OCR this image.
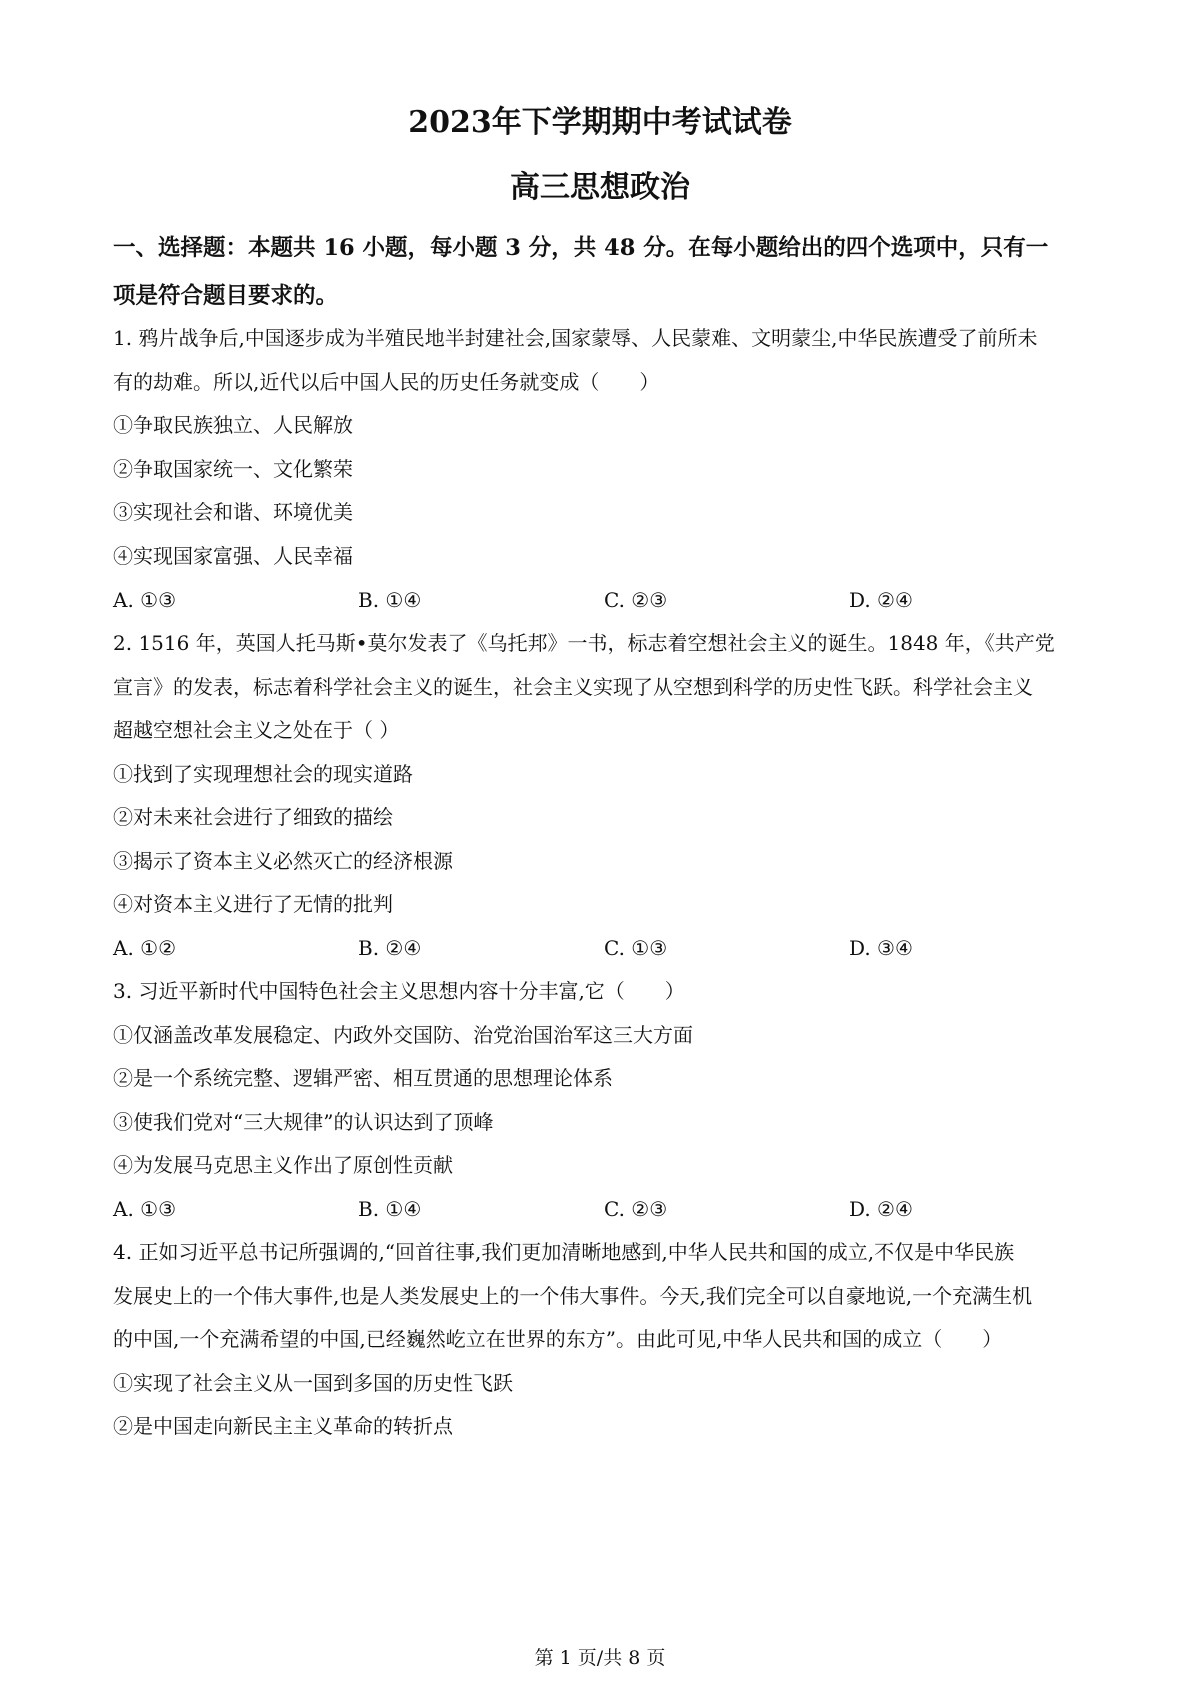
2023年下学期期中考试试卷
高三思想政治
一、选择题：本题共 16 小题，每小题 3 分，共 48 分。在每小题给出的四个选项中，只有一
项是符合题目要求的。
1. 鸦片战争后,中国逐步成为半殖民地半封建社会,国家蒙辱、人民蒙难、文明蒙尘,中华民族遭受了前所未
有的劫难。所以,近代以后中国人民的历史任务就变成（　　）
①争取民族独立、人民解放
②争取国家统一、文化繁荣
③实现社会和谐、环境优美
④实现国家富强、人民幸福
A. ①③	B. ①④	C. ②③	D. ②④
2. 1516 年，英国人托马斯•莫尔发表了《乌托邦》一书，标志着空想社会主义的诞生。1848 年，《共产党
宣言》的发表，标志着科学社会主义的诞生，社会主义实现了从空想到科学的历史性飞跃。科学社会主义
超越空想社会主义之处在于（ ）
①找到了实现理想社会的现实道路
②对未来社会进行了细致的描绘
③揭示了资本主义必然灭亡的经济根源
④对资本主义进行了无情的批判
A. ①②	B. ②④	C. ①③	D. ③④
3. 习近平新时代中国特色社会主义思想内容十分丰富,它（　　）
①仅涵盖改革发展稳定、内政外交国防、治党治国治军这三大方面
②是一个系统完整、逻辑严密、相互贯通的思想理论体系
③使我们党对“三大规律”的认识达到了顶峰
④为发展马克思主义作出了原创性贡献
A. ①③	B. ①④	C. ②③	D. ②④
4. 正如习近平总书记所强调的,“回首往事,我们更加清晰地感到,中华人民共和国的成立,不仅是中华民族
发展史上的一个伟大事件,也是人类发展史上的一个伟大事件。今天,我们完全可以自豪地说,一个充满生机
的中国,一个充满希望的中国,已经巍然屹立在世界的东方”。由此可见,中华人民共和国的成立（　　）
①实现了社会主义从一国到多国的历史性飞跃
②是中国走向新民主主义革命的转折点
第 1 页/共 8 页
